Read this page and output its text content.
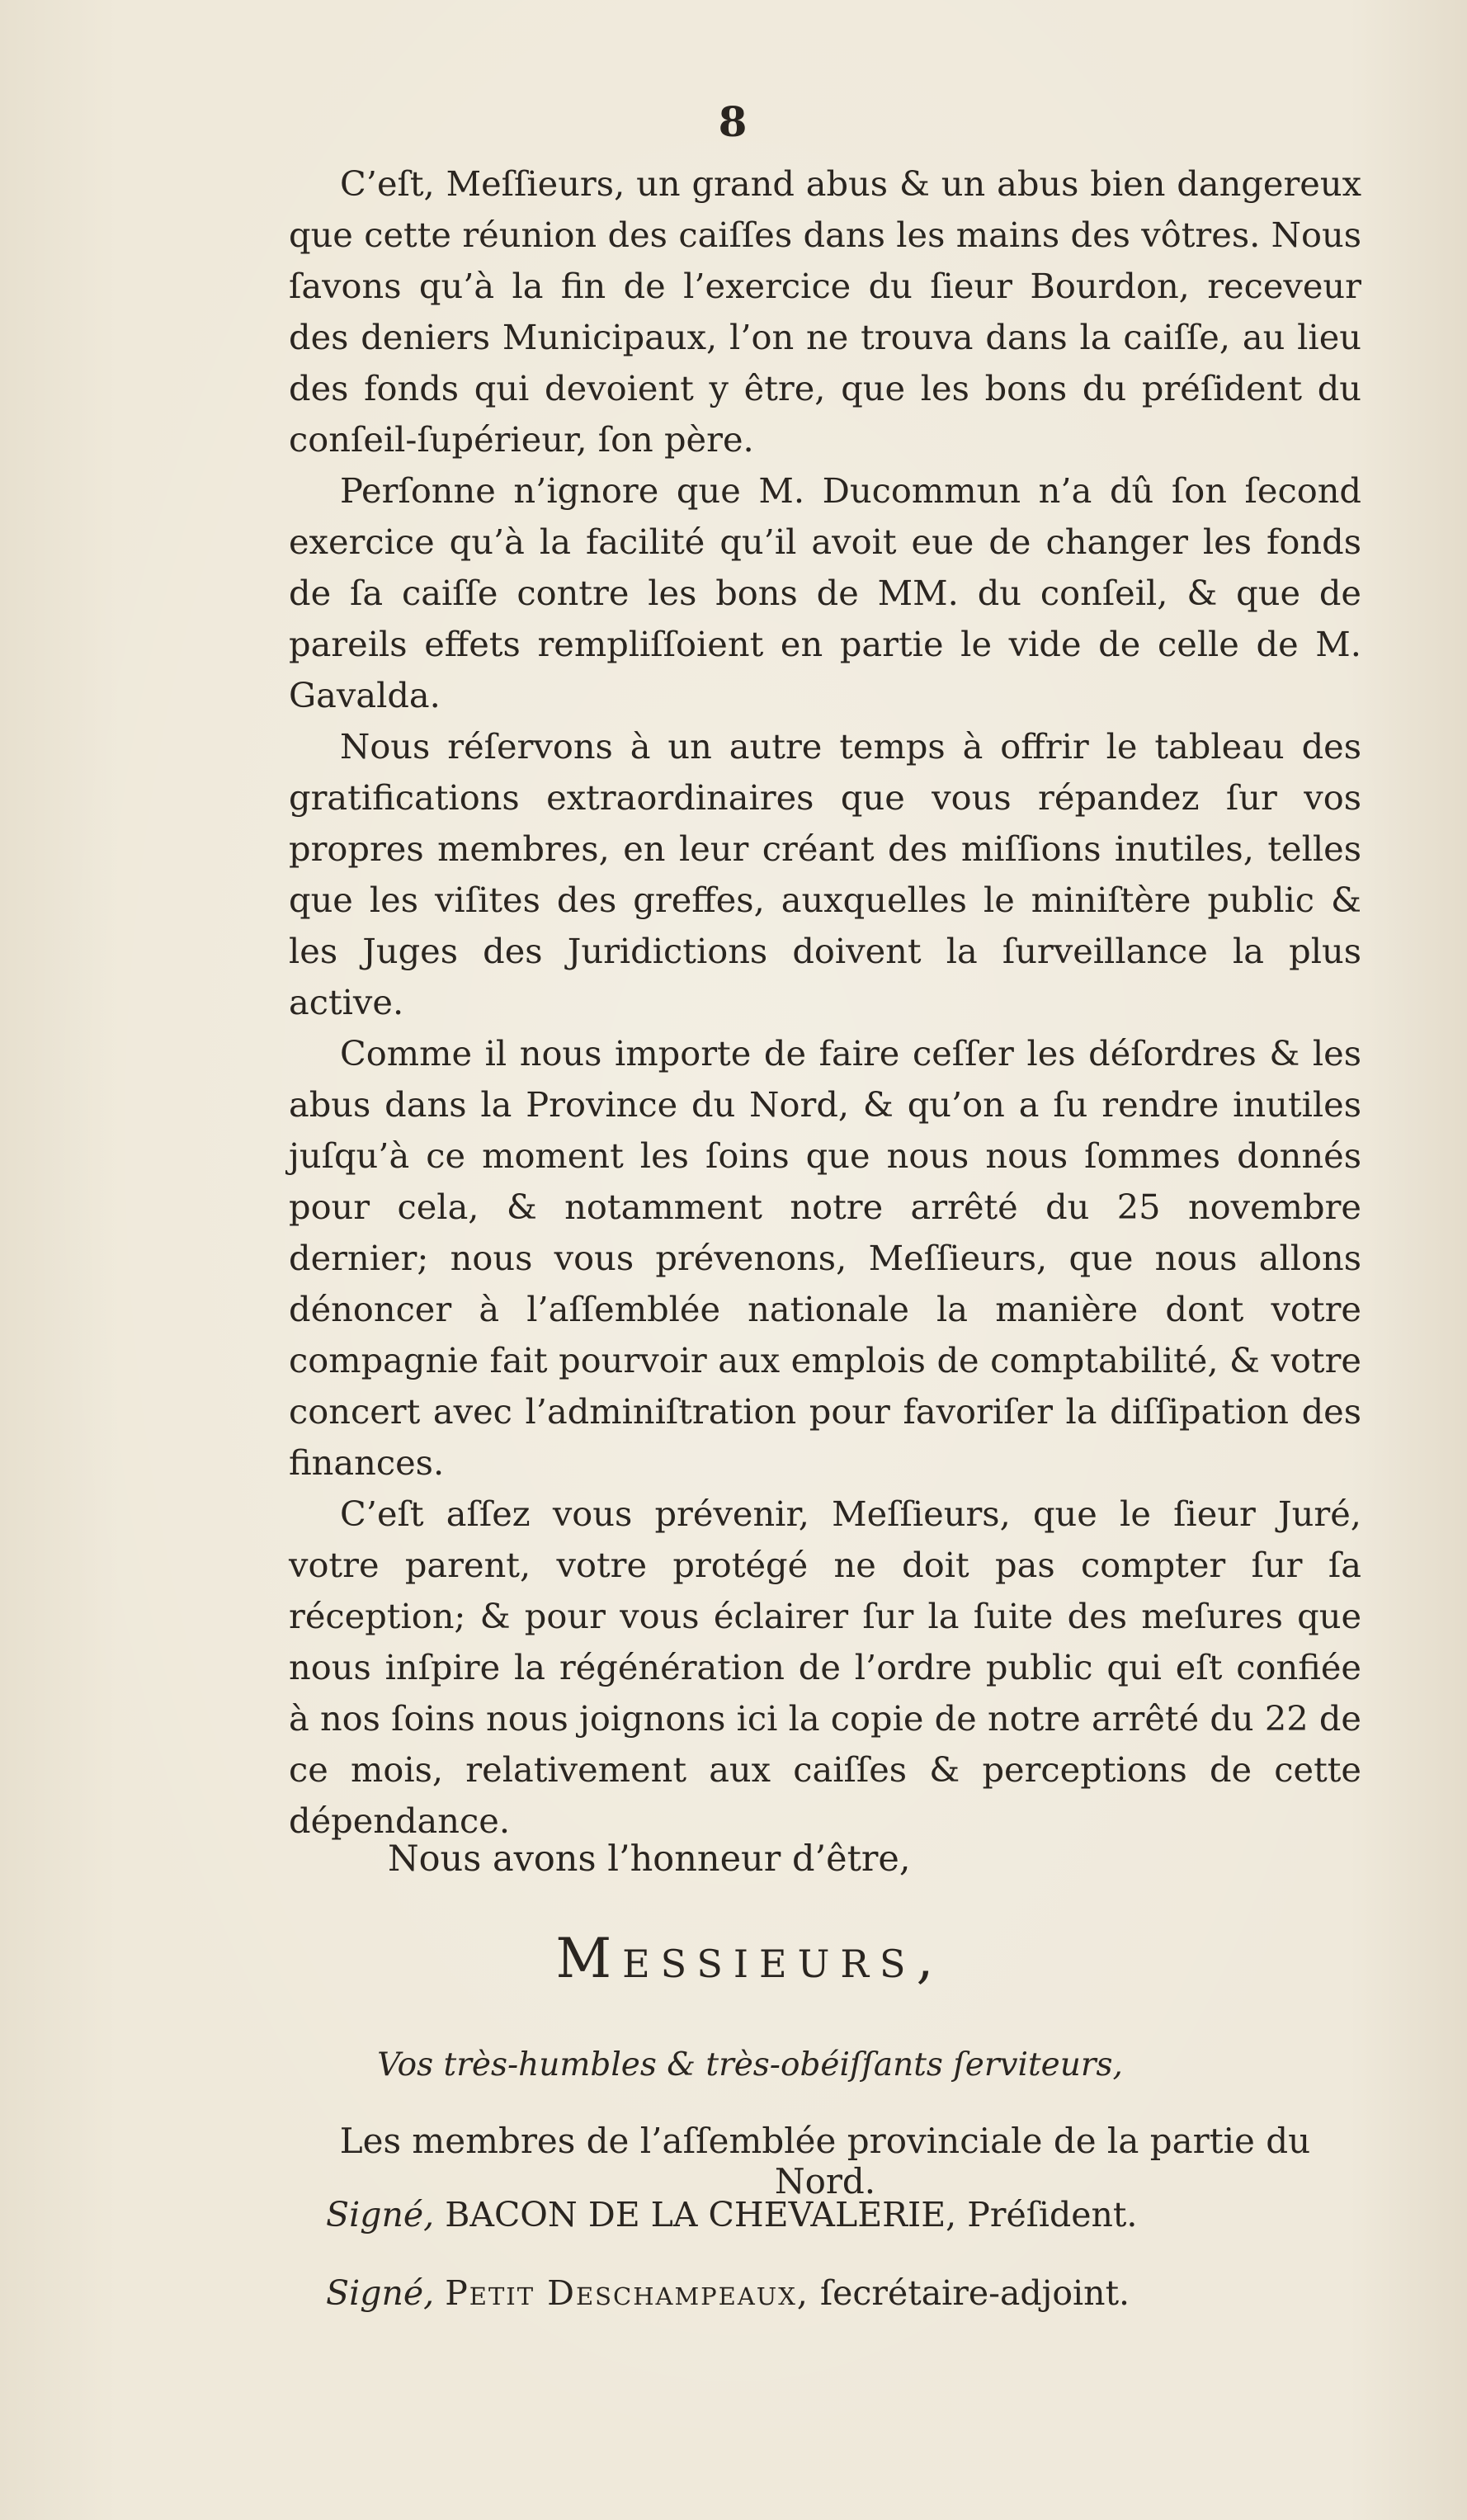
8

C’eſt, Meſſieurs, un grand abus & un abus bien dangereux que cette réunion des caiſſes dans les mains des vôtres. Nous ſavons qu’à la fin de l’exercice du ſieur Bourdon, receveur des deniers Municipaux, l’on ne trouva dans la caiſſe, au lieu des fonds qui devoient y être, que les bons du préſident du conſeil-ſupérieur, ſon père.

Perſonne n’ignore que M. Ducommun n’a dû ſon ſecond exercice qu’à la facilité qu’il avoit eue de changer les fonds de ſa caiſſe contre les bons de MM. du conſeil, & que de pareils effets rempliſſoient en partie le vide de celle de M. Gavalda.

Nous réſervons à un autre temps à offrir le tableau des gratifications extraordinaires que vous répandez ſur vos propres membres, en leur créant des miſſions inutiles, telles que les viſites des greffes, auxquelles le miniſtère public & les Juges des Juridictions doivent la ſurveillance la plus active.

Comme il nous importe de faire ceſſer les déſordres & les abus dans la Province du Nord, & qu’on a ſu rendre inutiles juſqu’à ce moment les ſoins que nous nous ſommes donnés pour cela, & notamment notre arrêté du 25 novembre dernier; nous vous prévenons, Meſſieurs, que nous allons dénoncer à l’aſſemblée nationale la manière dont votre compagnie fait pourvoir aux emplois de comptabilité, & votre concert avec l’adminiſtration pour favoriſer la diſſipation des finances.

C’eſt aſſez vous prévenir, Meſſieurs, que le ſieur Juré, votre parent, votre protégé ne doit pas compter ſur ſa réception; & pour vous éclairer ſur la ſuite des meſures que nous inſpire la régénération de l’ordre public qui eſt confiée à nos ſoins nous joignons ici la copie de notre arrêté du 22 de ce mois, relativement aux caiſſes & perceptions de cette dépendance.

Nous avons l’honneur d’être,
Messieurs,
Vos très-humbles & très-obéiſſants ſerviteurs,
Les membres de l’aſſemblée provinciale de la partie du Nord.
Signé, BACON DE LA CHEVALERIE, Préſident.
Signé, Petit Deschampeaux, ſecrétaire-adjoint.
